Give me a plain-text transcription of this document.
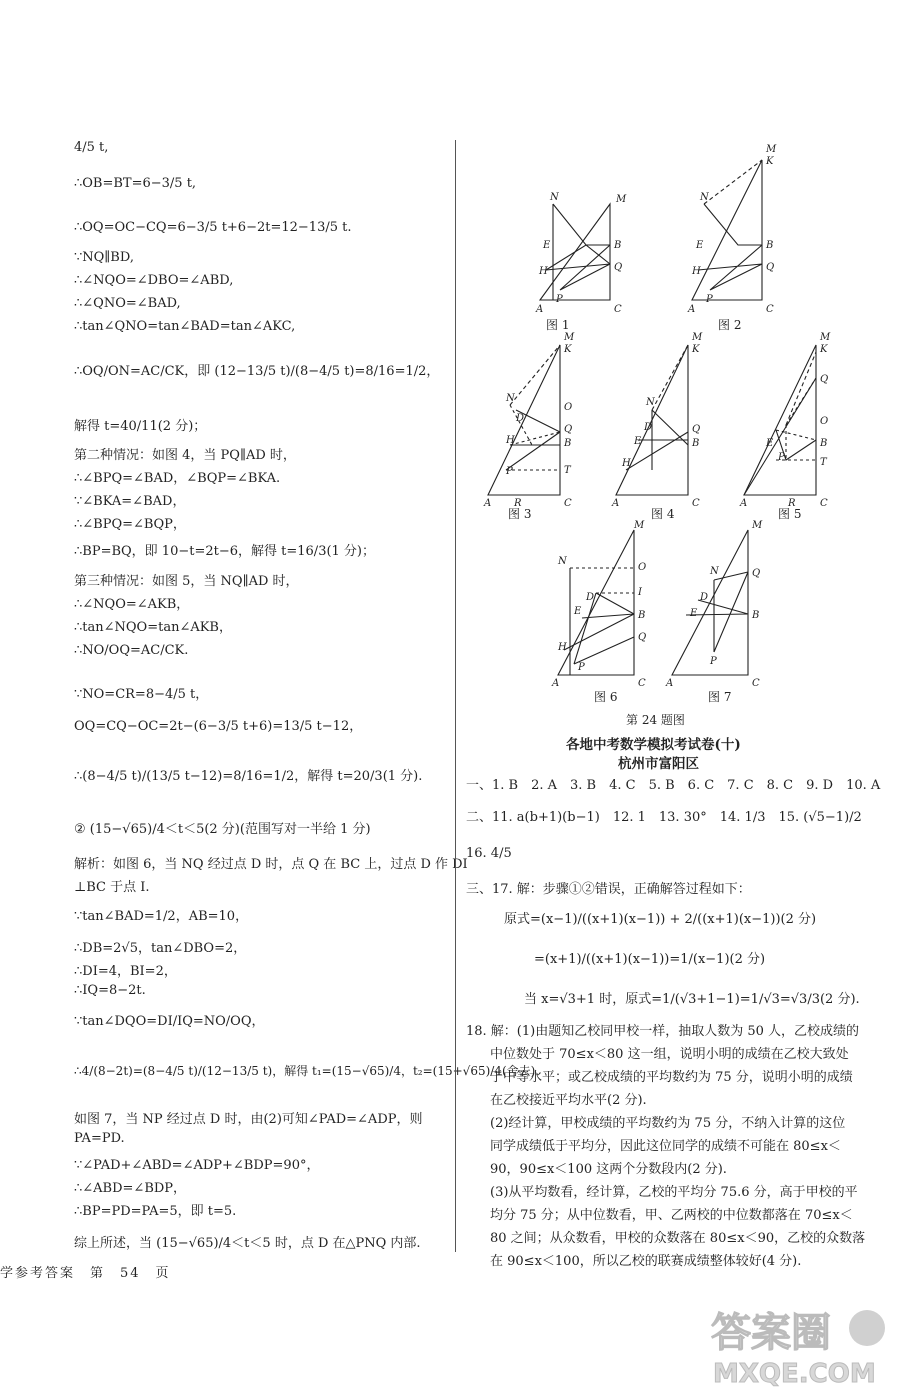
4/5 t,
∴OB=BT=6−3/5 t,
∴OQ=OC−CQ=6−3/5 t+6−2t=12−13/5 t.
∵NQ∥BD,
∴∠NQO=∠DBO=∠ABD,
∴∠QNO=∠BAD,
∴tan∠QNO=tan∠BAD=tan∠AKC,
∴OQ/ON=AC/CK，即 (12−13/5 t)/(8−4/5 t)=8/16=1/2，
解得 t=40/11(2 分)；
第二种情况：如图 4，当 PQ∥AD 时，
∴∠BPQ=∠BAD，∠BQP=∠BKA.
∵∠BKA=∠BAD，
∴∠BPQ=∠BQP，
∴BP=BQ，即 10−t=2t−6，解得 t=16/3(1 分)；
第三种情况：如图 5，当 NQ∥AD 时，
∴∠NQO=∠AKB，
∴tan∠NQO=tan∠AKB，
∴NO/OQ=AC/CK.
∵NO=CR=8−4/5 t，
OQ=CQ−OC=2t−(6−3/5 t+6)=13/5 t−12，
∴(8−4/5 t)/(13/5 t−12)=8/16=1/2，解得 t=20/3(1 分).
② (15−√65)/4＜t＜5(2 分)(范围写对一半给 1 分)
解析：如图 6，当 NQ 经过点 D 时，点 Q 在 BC 上，过点 D 作 DI
⊥BC 于点 I.
∵tan∠BAD=1/2，AB=10，
∴DB=2√5，tan∠DBO=2，
∴DI=4，BI=2，
∴IQ=8−2t.
∵tan∠DQO=DI/IQ=NO/OQ，
∴4/(8−2t)=(8−4/5 t)/(12−13/5 t)，解得 t₁=(15−√65)/4，t₂=(15+√65)/4(舍去).
如图 7，当 NP 经过点 D 时，由(2)可知∠PAD=∠ADP，则
PA=PD.
∵∠PAD+∠ABD=∠ADP+∠BDP=90°，
∴∠ABD=∠BDP，
∴BP=PD=PA=5，即 t=5.
综上所述，当 (15−√65)/4＜t＜5 时，点 D 在△PNQ 内部.
N	M
A	C
B
Q
E
H
P
M
K
N
A	C
B
Q
E
H
P
M
K
N
A	C
B
Q
O
T
D
H
P
R
M
K
N
A	C
B
Q
D
E
H
M
K
Q
O
B
T
E
A	C
R
P
M
N
O
I
B
Q
A	C
D
E
H
P
M
Q
N
B
A	C
D
E
P
图 1	图 2
图 3	图 4	图 5
图 6	图 7
第 24 题图
各地中考数学模拟考试卷(十)
杭州市富阳区
一、1. B　2. A　3. B　4. C　5. B　6. C　7. C　8. C　9. D　10. A
二、11. a(b+1)(b−1)　12. 1　13. 30°　14. 1/3　15. (√5−1)/2
16. 4/5
三、17. 解：步骤①②错误，正确解答过程如下：
原式=(x−1)/((x+1)(x−1)) + 2/((x+1)(x−1))(2 分)
=(x+1)/((x+1)(x−1))=1/(x−1)(2 分)
当 x=√3+1 时，原式=1/(√3+1−1)=1/√3=√3/3(2 分).
18. 解：(1)由题知乙校同甲校一样，抽取人数为 50 人，乙校成绩的
中位数处于 70≤x＜80 这一组，说明小明的成绩在乙校大致处
于中等水平；或乙校成绩的平均数约为 75 分，说明小明的成绩
在乙校接近平均水平(2 分).
(2)经计算，甲校成绩的平均数约为 75 分，不纳入计算的这位
同学成绩低于平均分，因此这位同学的成绩不可能在 80≤x＜
90，90≤x＜100 这两个分数段内(2 分).
(3)从平均数看，经计算，乙校的平均分 75.6 分，高于甲校的平
均分 75 分；从中位数看，甲、乙两校的中位数都落在 70≤x＜
80 之间；从众数看，甲校的众数落在 80≤x＜90，乙校的众数落
在 90≤x＜100，所以乙校的联赛成绩整体较好(4 分).
学参考答案　第　54　页
答案圈
MXQE.COM
